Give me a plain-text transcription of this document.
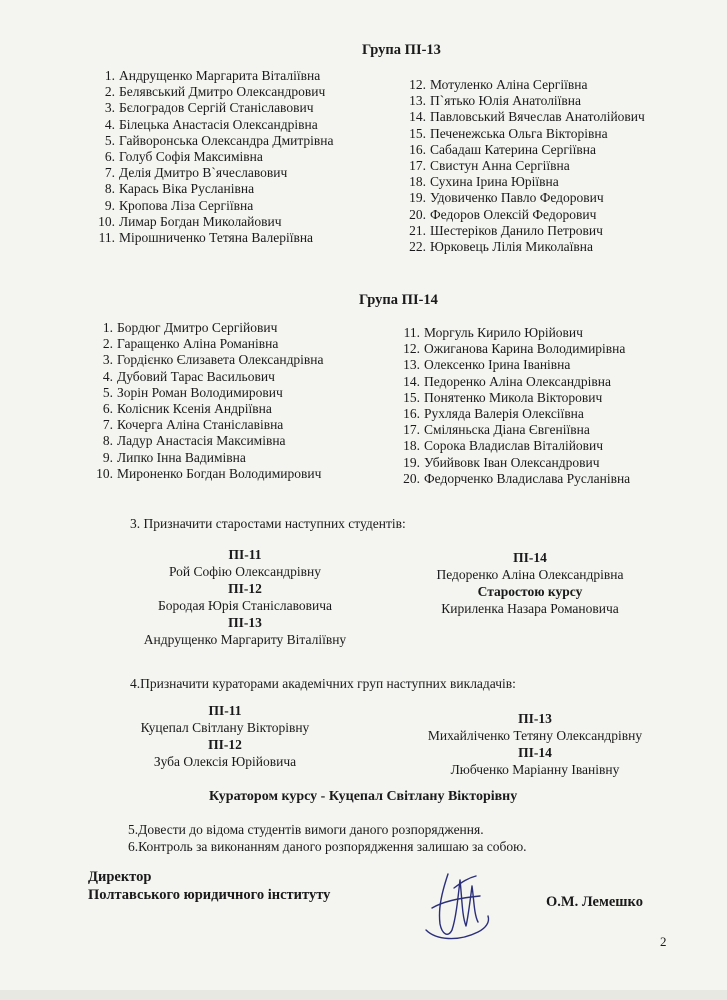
Група ПІ-13
1. Андрущенко Маргарита Віталіївна
2. Белявський Дмитро Олександрович
3. Бєлоградов Сергій Станіславович
4. Білецька Анастасія Олександрівна
5. Гайворонська Олександра Дмитрівна
6. Голуб Софія Максимівна
7. Делія Дмитро В`ячеславович
8. Карась Віка Русланівна
9. Кропова Ліза Сергіївна
10. Лимар Богдан Миколайович
11. Мірошниченко Тетяна Валеріївна
12. Мотуленко Аліна Сергіївна
13. П`ятько Юлія Анатоліївна
14. Павловський Вячеслав Анатолійович
15. Печенежська Ольга Вікторівна
16. Сабадаш Катерина Сергіївна
17. Свистун Анна Сергіївна
18. Сухина Ірина Юріївна
19. Удовиченко Павло Федорович
20. Федоров Олексій Федорович
21. Шестеріков Данило Петрович
22. Юрковець Лілія Миколаївна
Група ПІ-14
1. Бордюг Дмитро Сергійович
2. Гаращенко Аліна Романівна
3. Гордієнко Єлизавета Олександрівна
4. Дубовий Тарас Васильович
5. Зорін Роман Володимирович
6. Колісник Ксенія Андріївна
7. Кочерга Аліна Станіславівна
8. Ладур Анастасія Максимівна
9. Липко Інна Вадимівна
10. Мироненко Богдан Володимирович
11. Моргуль Кирило Юрійович
12. Ожиганова Карина Володимирівна
13. Олексенко Ірина Іванівна
14. Педоренко Аліна Олександрівна
15. Понятенко Микола Вікторович
16. Рухляда Валерія Олексіївна
17. Сміляньска Діана Євгеніївна
18. Сорока Владислав Віталійович
19. Убийвовк Іван Олександрович
20. Федорченко Владислава Русланівна
3. Призначити старостами наступних студентів:
ПІ-11
Рой Софію Олександрівну
ПІ-12
Бородая Юрія Станіславовича
ПІ-13
Андрущенко Маргариту Віталіївну
ПІ-14
Педоренко Аліна Олександрівна
Старостою курсу
Кириленка Назара Романовича
4.Призначити кураторами академічних груп наступних викладачів:
ПІ-11
Куцепал Світлану Вікторівну
ПІ-12
Зуба Олексія Юрійовича
ПІ-13
Михайліченко Тетяну Олександрівну
ПІ-14
Любченко Маріанну Іванівну
Куратором курсу - Куцепал Світлану Вікторівну
5.Довести до відома студентів вимоги даного розпорядження.
6.Контроль за виконанням даного розпорядження залишаю за собою.
Директор
Полтавського юридичного інституту	О.М. Лемешко
2
